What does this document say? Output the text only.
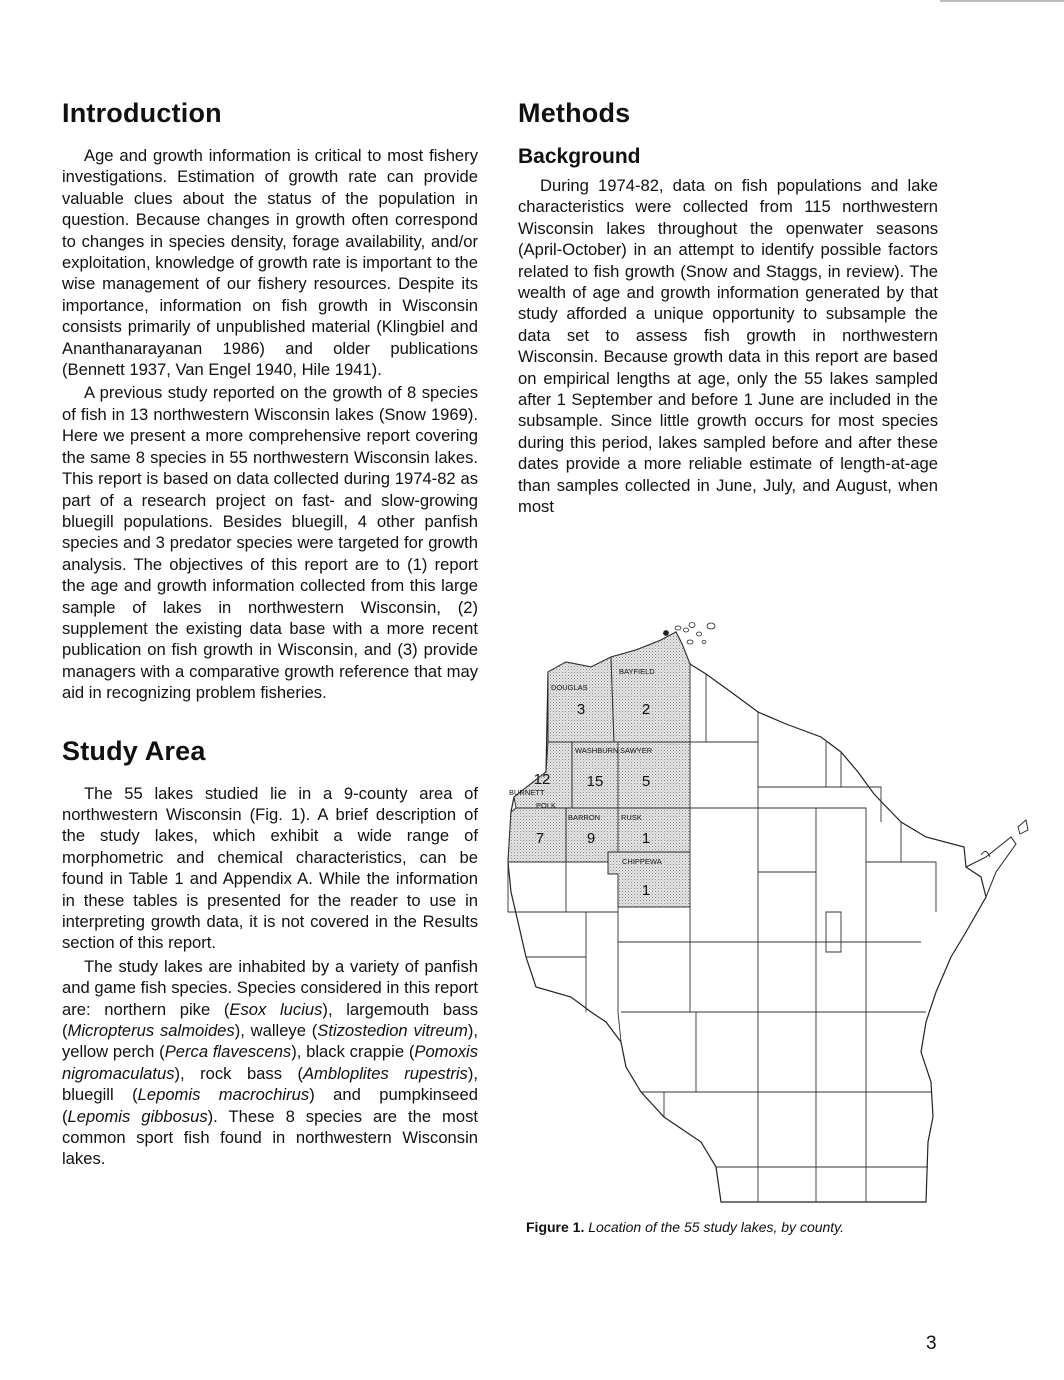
Introduction

Age and growth information is critical to most fishery investigations. Estimation of growth rate can provide valuable clues about the status of the population in question. Because changes in growth often correspond to changes in species density, forage availability, and/or exploitation, knowledge of growth rate is important to the wise management of our fishery resources. Despite its importance, information on fish growth in Wisconsin consists primarily of unpublished material (Klingbiel and Ananthanarayanan 1986) and older publications (Bennett 1937, Van Engel 1940, Hile 1941).

A previous study reported on the growth of 8 species of fish in 13 northwestern Wisconsin lakes (Snow 1969). Here we present a more comprehensive report covering the same 8 species in 55 northwestern Wisconsin lakes. This report is based on data collected during 1974-82 as part of a research project on fast- and slow-growing bluegill populations. Besides bluegill, 4 other panfish species and 3 predator species were targeted for growth analysis. The objectives of this report are to (1) report the age and growth information collected from this large sample of lakes in northwestern Wisconsin, (2) supplement the existing data base with a more recent publication on fish growth in Wisconsin, and (3) provide managers with a comparative growth reference that may aid in recognizing problem fisheries.

Study Area

The 55 lakes studied lie in a 9-county area of northwestern Wisconsin (Fig. 1). A brief description of the study lakes, which exhibit a wide range of morphometric and chemical characteristics, can be found in Table 1 and Appendix A. While the information in these tables is presented for the reader to use in interpreting growth data, it is not covered in the Results section of this report.

The study lakes are inhabited by a variety of panfish and game fish species. Species considered in this report are: northern pike (Esox lucius), largemouth bass (Micropterus salmoides), walleye (Stizostedion vitreum), yellow perch (Perca flavescens), black crappie (Pomoxis nigromaculatus), rock bass (Ambloplites rupestris), bluegill (Lepomis macrochirus) and pumpkinseed (Lepomis gibbosus). These 8 species are the most common sport fish found in northwestern Wisconsin lakes.

Methods
Background

During 1974-82, data on fish populations and lake characteristics were collected from 115 northwestern Wisconsin lakes throughout the openwater seasons (April-October) in an attempt to identify possible factors related to fish growth (Snow and Staggs, in review). The wealth of age and growth information generated by that study afforded a unique opportunity to subsample the data set to assess fish growth in northwestern Wisconsin. Because growth data in this report are based on empirical lengths at age, only the 55 lakes sampled after 1 September and before 1 June are included in the subsample. Since little growth occurs for most species during this period, lakes sampled before and after these dates provide a more reliable estimate of length-at-age than samples collected in June, July, and August, when most

DOUGLAS
3
BAYFIELD
2
WASHBURN
15
SAWYER
5
BURNETT
12
POLK
7
BARRON
9
RUSK
1
CHIPPEWA
1
Figure 1. Location of the 55 study lakes, by county.
3
